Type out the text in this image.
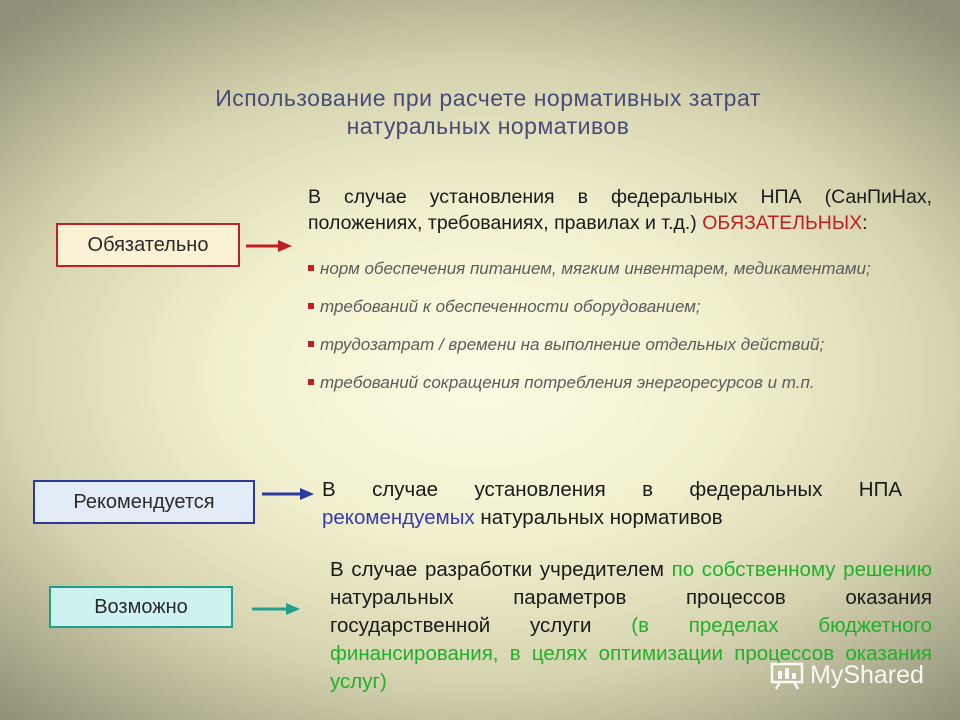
Использование при расчете нормативных затрат
натуральных нормативов
Обязательно
В случае установления в федеральных НПА (СанПиНах, положениях, требованиях, правилах и т.д.) ОБЯЗАТЕЛЬНЫХ:
норм обеспечения питанием, мягким инвентарем, медикаментами;
требований к обеспеченности оборудованием;
трудозатрат / времени на выполнение отдельных действий;
требований сокращения потребления энергоресурсов и т.п.
Рекомендуется
В случае установления в федеральных НПА рекомендуемых натуральных нормативов
Возможно
В случае разработки учредителем по собственному решению натуральных параметров процессов оказания государственной услуги (в пределах бюджетного финансирования, в целях оптимизации процессов оказания услуг)	MyShared
